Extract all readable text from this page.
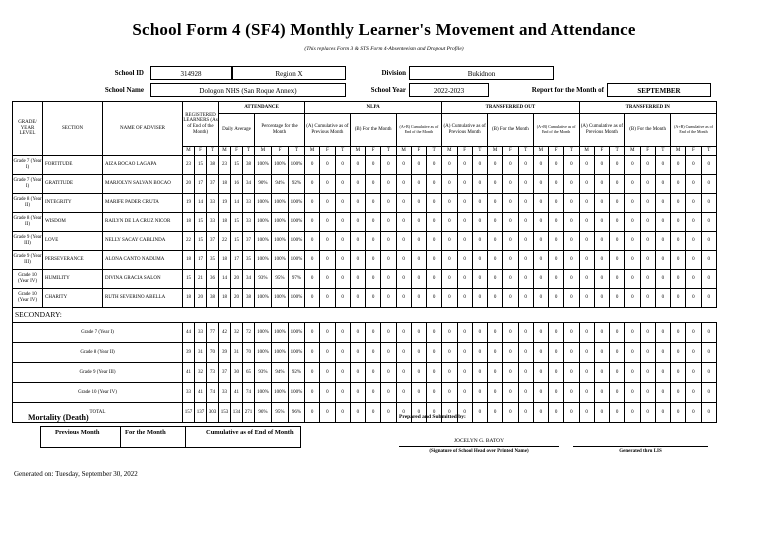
School Form 4 (SF4) Monthly Learner's Movement and Attendance
(This replaces Form 3 & STS Form 4-Absenteeism and Dropout Profile)
School ID	314928	Region X	Division	Bukidnon
School Name	Dologon NHS (San Roque Annex)	School Year	2022-2023	Report for the Month of	SEPTEMBER
GRADE/ YEAR LEVEL	SECTION	NAME OF ADVISER	REGISTERED LEARNERS (As of End of the Month)			ATTENDANCE						NLPA									TRANSFERRED OUT									TRANSFERRED IN								
						Daily Average			Percentage for the Month			(A) Cumulative as of Previous Month			(B) For the Month			(A+B) Cumulative as of End of the Month			(A) Cumulative as of Previous Month			(B) For the Month			(A+B) Cumulative as of End of the Month			(A) Cumulative as of Previous Month			(B) For the Month			(A+B) Cumulative as of End of the Month		
			M	F	T	M	F	T	M	F	T	M	F	T	M	F	T	M	F	T	M	F	T	M	F	T	M	F	T	M	F	T	M	F	T	M	F	T
Grade 7 (Year I)	FORTITUDE	AIZA BOCAO LAGAPA	23	15	38	23	15	38	100%	100%	100%	0	0	0	0	0	0	0	0	0	0	0	0	0	0	0	0	0	0	0	0	0	0	0	0	0	0	0
Grade 7 (Year I)	GRATITUDE	MARJOLYN SALVAN BOCAO	20	17	37	18	16	34	90%	94%	92%	0	0	0	0	0	0	0	0	0	0	0	0	0	0	0	0	0	0	0	0	0	0	0	0	0	0	0
Grade 8 (Year II)	INTEGRITY	MARIFE PADER CRUTA	19	14	33	19	14	33	100%	100%	100%	0	0	0	0	0	0	0	0	0	0	0	0	0	0	0	0	0	0	0	0	0	0	0	0	0	0	0
Grade 8 (Year II)	WISDOM	RAILYN DE LA CRUZ NICOR	18	15	33	18	15	33	100%	100%	100%	0	0	0	0	0	0	0	0	0	0	0	0	0	0	0	0	0	0	0	0	0	0	0	0	0	0	0
Grade 9 (Year III)	LOVE	NELLY SACAY CABLINDA	22	15	37	22	15	37	100%	100%	100%	0	0	0	0	0	0	0	0	0	0	0	0	0	0	0	0	0	0	0	0	0	0	0	0	0	0	0
Grade 9 (Year III)	PERSEVERANCE	ALONA CANTO NADUMA	18	17	35	18	17	35	100%	100%	100%	0	0	0	0	0	0	0	0	0	0	0	0	0	0	0	0	0	0	0	0	0	0	0	0	0	0	0
Grade 10 (Year IV)	HUMILITY	DIVINA GRACIA SALON	15	21	36	14	20	34	93%	95%	97%	0	0	0	0	0	0	0	0	0	0	0	0	0	0	0	0	0	0	0	0	0	0	0	0	0	0	0
Grade 10 (Year IV)	CHARITY	RUTH SEVERINO ABELLA	18	20	38	18	20	38	100%	100%	100%	0	0	0	0	0	0	0	0	0	0	0	0	0	0	0	0	0	0	0	0	0	0	0	0	0	0	0
SECONDARY:																																						
Grade 7 (Year I)			44	33	77	42	32	72	100%	100%	100%	0	0	0	0	0	0	0	0	0	0	0	0	0	0	0	0	0	0	0	0	0	0	0	0	0	0	0
Grade 8 (Year II)			39	31	70	39	31	70	100%	100%	100%	0	0	0	0	0	0	0	0	0	0	0	0	0	0	0	0	0	0	0	0	0	0	0	0	0	0	0
Grade 9 (Year III)			41	32	73	37	30	65	93%	94%	92%	0	0	0	0	0	0	0	0	0	0	0	0	0	0	0	0	0	0	0	0	0	0	0	0	0	0	0
Grade 10 (Year IV)			33	41	74	33	41	74	100%	100%	100%	0	0	0	0	0	0	0	0	0	0	0	0	0	0	0	0	0	0	0	0	0	0	0	0	0	0	0
TOTAL			157	137	303	153	134	271	96%	95%	96%	0	0	0	0	0	0	0	0	0	0	0	0	0	0	0	0	0	0	0	0	0	0	0	0	0	0	0
Mortality (Death)
Previous Month	For the Month	Cumulative as of End of Month
Prepared and Submitted by:
JOCELYN G. BATOY
(Signature of School Head over Printed Name)	Generated thru LIS
Generated on: Tuesday, September 30, 2022
